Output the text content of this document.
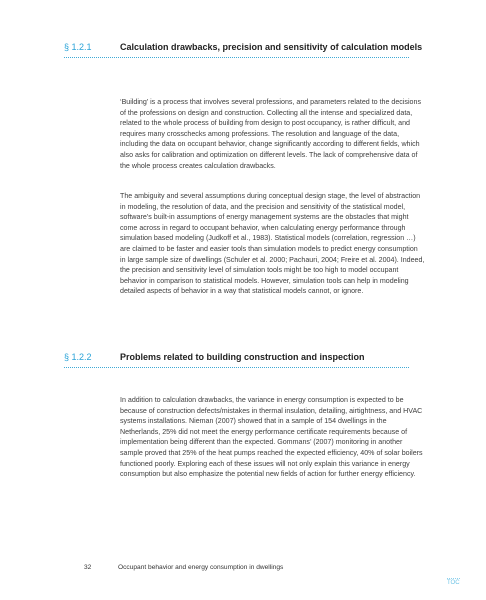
§ 1.2.1	Calculation drawbacks, precision and sensitivity of calculation models

‘Building’ is a process that involves several professions, and parameters related to the decisions of the professions on design and construction. Collecting all the intense and specialized data, related to the whole process of building from design to post occupancy, is rather difficult, and requires many crosschecks among professions. The resolution and language of the data, including the data on occupant behavior, change significantly according to different fields, which also asks for calibration and optimization on different levels. The lack of comprehensive data of the whole process creates calculation drawbacks.

The ambiguity and several assumptions during conceptual design stage, the level of abstraction in modeling, the resolution of data, and the precision and sensitivity of the statistical model, software’s built-in assumptions of energy management systems are the obstacles that might come across in regard to occupant behavior, when calculating energy performance through simulation based modeling (Judkoff et al., 1983). Statistical models (correlation, regression …) are claimed to be faster and easier tools than simulation models to predict energy consumption in large sample size of dwellings (Schuler et al. 2000; Pachauri, 2004; Freire et al. 2004). Indeed, the precision and sensitivity level of simulation tools might be too high to model occupant behavior in comparison to statistical models. However, simulation tools can help in modeling detailed aspects of behavior in a way that statistical models cannot, or ignore.

§ 1.2.2	Problems related to building construction and inspection

In addition to calculation drawbacks, the variance in energy consumption is expected to be because of construction defects/mistakes in thermal insulation, detailing, airtightness, and HVAC systems installations. Nieman (2007) showed that in a sample of 154 dwellings in the Netherlands, 25% did not meet the energy performance certificate requirements because of implementation being different than the expected. Gommans’ (2007) monitoring in another sample proved that 25% of the heat pumps reached the expected efficiency, 40% of solar boilers functioned poorly. Exploring each of these issues will not only explain this variance in energy consumption but also emphasize the potential new fields of action for further energy efficiency.

32	Occupant behavior and energy consumption in dwellings
TOC
